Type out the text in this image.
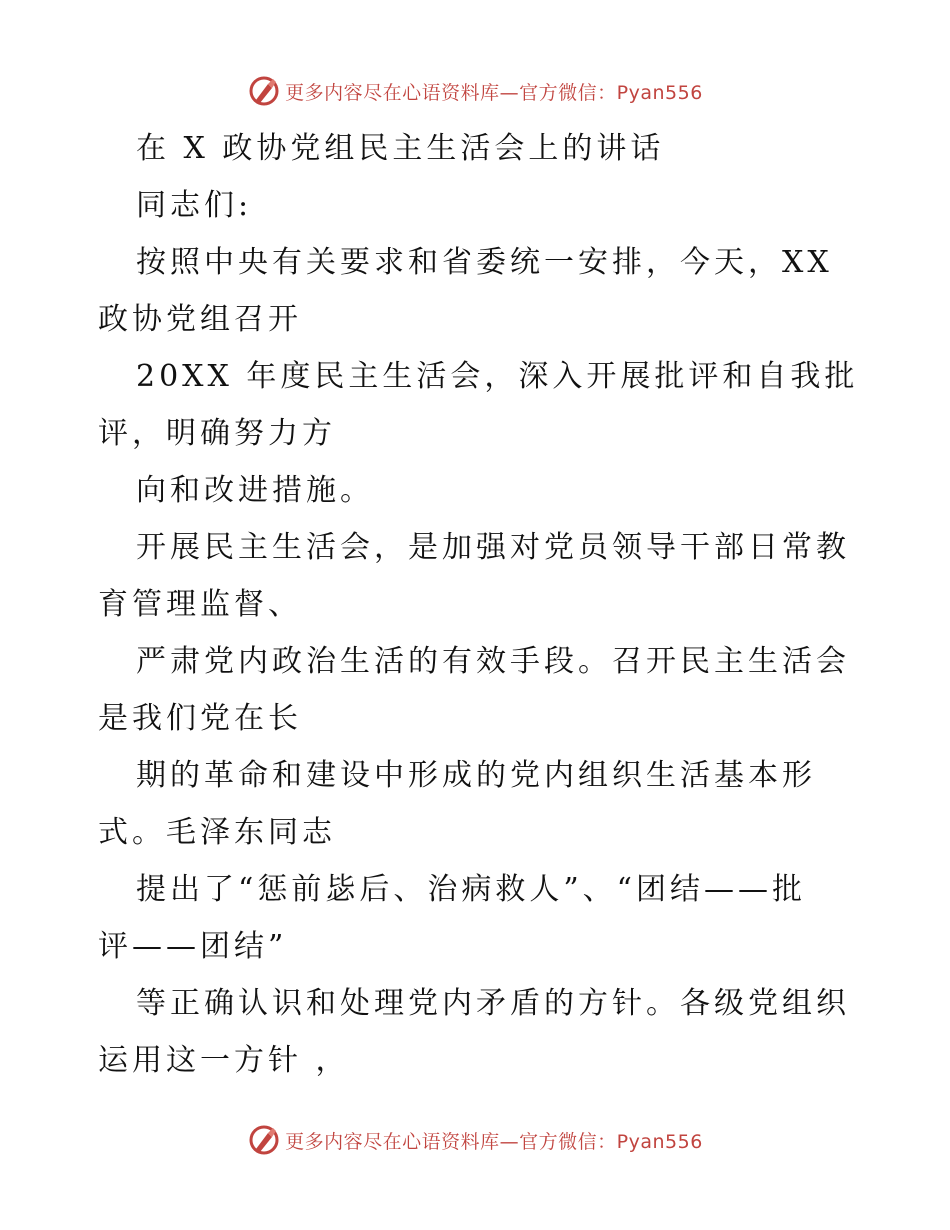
更多内容尽在心语资料库—官方微信：Pyan556
在 X 政协党组民主生活会上的讲话
同志们:
按照中央有关要求和省委统一安排，今天，XX
政协党组召开
20XX 年度民主生活会，深入开展批评和自我批
评，明确努力方
向和改进措施。
开展民主生活会，是加强对党员领导干部日常教
育管理监督、
严肃党内政治生活的有效手段。召开民主生活会
是我们党在长
期的革命和建设中形成的党内组织生活基本形
式。毛泽东同志
提出了“惩前毖后、治病救人”、“团结——批
评——团结”
等正确认识和处理党内矛盾的方针。各级党组织
运用这一方针 ，
更多内容尽在心语资料库—官方微信：Pyan556
